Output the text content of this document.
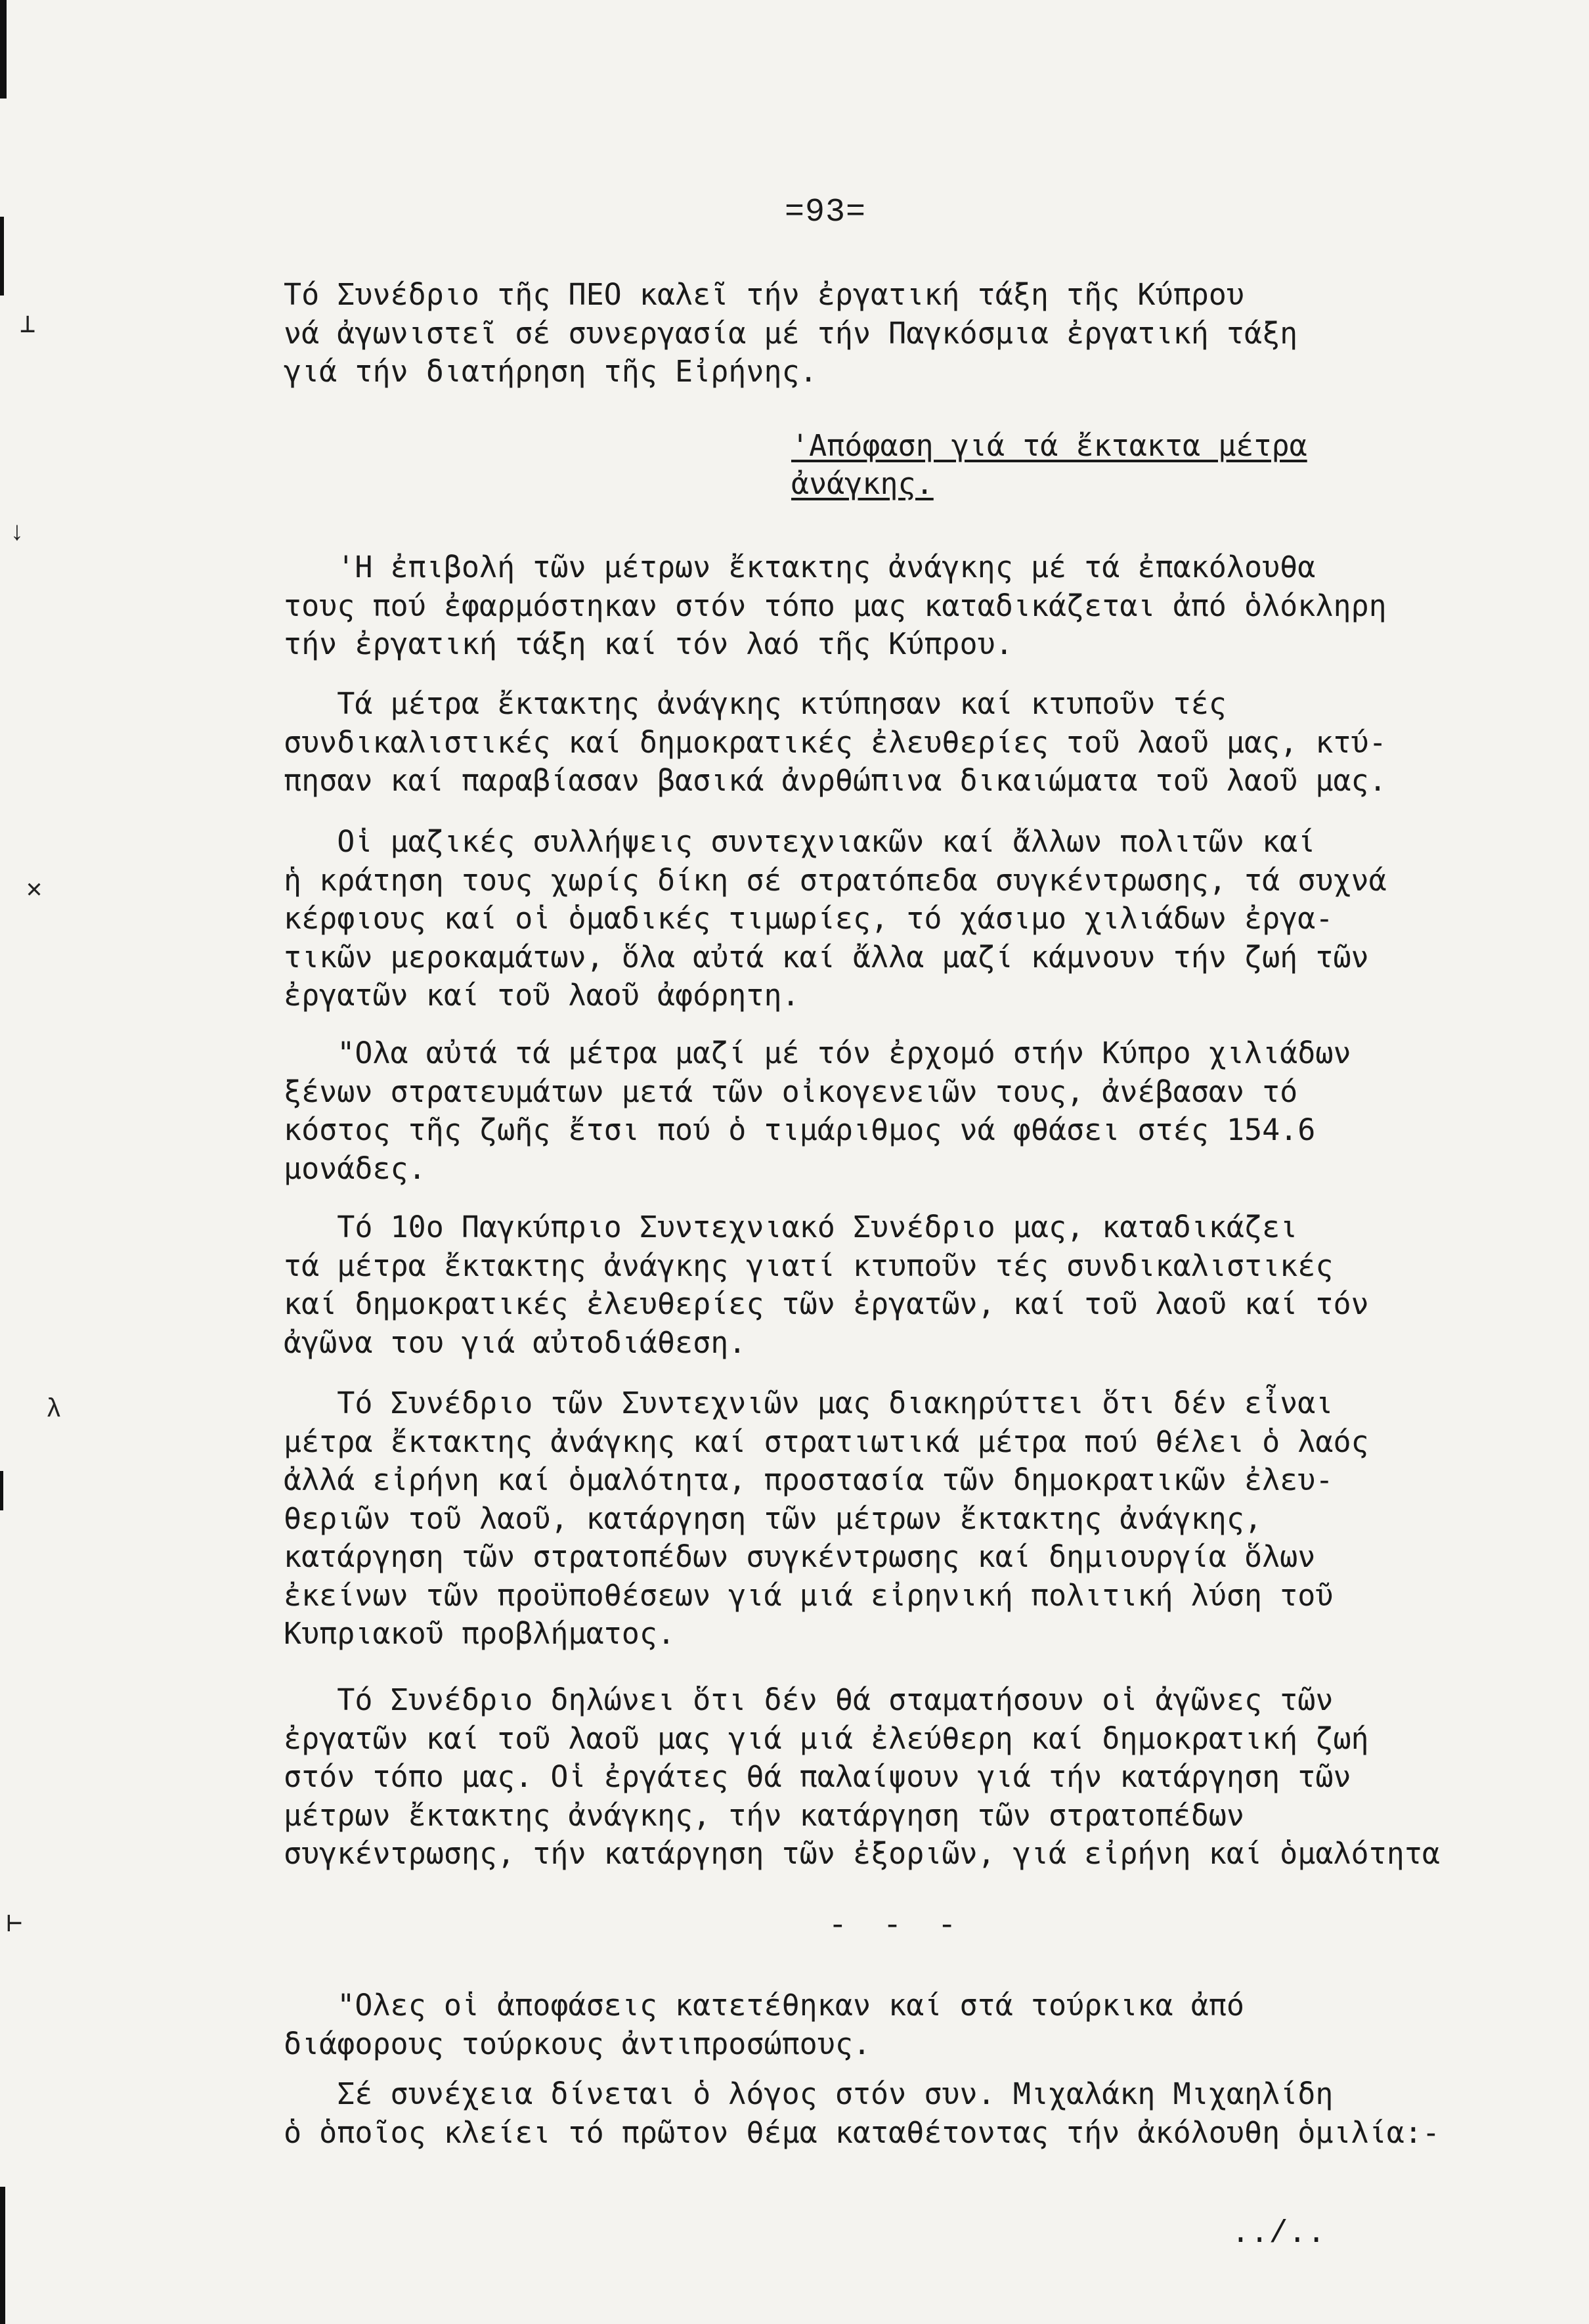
⊥
↓
✕
λ
⊢
=93=
Τό Συνέδριο τῆς ΠΕΟ καλεῖ τήν ἐργατική τάξη τῆς Κύπρου
νά ἀγωνιστεῖ σέ συνεργασία μέ τήν Παγκόσμια ἐργατική τάξη
γιά τήν διατήρηση τῆς Εἰρήνης.
'Απόφαση γιά τά ἔκτακτα μέτρα
ἀνάγκης.
'Η ἐπιβολή τῶν μέτρων ἔκτακτης ἀνάγκης μέ τά ἐπακόλουθα
τους πού ἐφαρμόστηκαν στόν τόπο μας καταδικάζεται ἀπό ὁλόκληρη
τήν ἐργατική τάξη καί τόν λαό τῆς Κύπρου.
Τά μέτρα ἔκτακτης ἀνάγκης κτύπησαν καί κτυποῦν τές
συνδικαλιστικές καί δημοκρατικές ἐλευθερίες τοῦ λαοῦ μας, κτύ-
πησαν καί παραβίασαν βασικά ἀνρθώπινα δικαιώματα τοῦ λαοῦ μας.
Οἱ μαζικές συλλήψεις συντεχνιακῶν καί ἄλλων πολιτῶν καί
ἡ κράτηση τους χωρίς δίκη σέ στρατόπεδα συγκέντρωσης, τά συχνά
κέρφιους καί οἱ ὁμαδικές τιμωρίες, τό χάσιμο χιλιάδων ἐργα-
τικῶν μεροκαμάτων, ὅλα αὐτά καί ἄλλα μαζί κάμνουν τήν ζωή τῶν
ἐργατῶν καί τοῦ λαοῦ ἀφόρητη.
"Ολα αὐτά τά μέτρα μαζί μέ τόν ἐρχομό στήν Κύπρο χιλιάδων
ξένων στρατευμάτων μετά τῶν οἰκογενειῶν τους, ἀνέβασαν τό
κόστος τῆς ζωῆς ἔτσι πού ὁ τιμάριθμος νά φθάσει στές 154.6
μονάδες.
Τό 10ο Παγκύπριο Συντεχνιακό Συνέδριο μας, καταδικάζει
τά μέτρα ἔκτακτης ἀνάγκης γιατί κτυποῦν τές συνδικαλιστικές
καί δημοκρατικές ἐλευθερίες τῶν ἐργατῶν, καί τοῦ λαοῦ καί τόν
ἀγῶνα του γιά αὐτοδιάθεση.
Τό Συνέδριο τῶν Συντεχνιῶν μας διακηρύττει ὅτι δέν εἶναι
μέτρα ἔκτακτης ἀνάγκης καί στρατιωτικά μέτρα πού θέλει ὁ λαός
ἀλλά εἰρήνη καί ὁμαλότητα, προστασία τῶν δημοκρατικῶν ἐλευ-
θεριῶν τοῦ λαοῦ, κατάργηση τῶν μέτρων ἔκτακτης ἀνάγκης,
κατάργηση τῶν στρατοπέδων συγκέντρωσης καί δημιουργία ὅλων
ἐκείνων τῶν προϋποθέσεων γιά μιά εἰρηνική πολιτική λύση τοῦ
Κυπριακοῦ προβλήματος.
Τό Συνέδριο δηλώνει ὅτι δέν θά σταματήσουν οἱ ἀγῶνες τῶν
ἐργατῶν καί τοῦ λαοῦ μας γιά μιά ἐλεύθερη καί δημοκρατική ζωή
στόν τόπο μας. Οἱ ἐργάτες θά παλαίψουν γιά τήν κατάργηση τῶν
μέτρων ἔκτακτης ἀνάγκης, τήν κατάργηση τῶν στρατοπέδων
συγκέντρωσης, τήν κατάργηση τῶν ἐξοριῶν, γιά εἰρήνη καί ὁμαλότητα
- - -
"Ολες οἱ ἀποφάσεις κατετέθηκαν καί στά τούρκικα ἀπό
διάφορους τούρκους ἀντιπροσώπους.
Σέ συνέχεια δίνεται ὁ λόγος στόν συν. Μιχαλάκη Μιχαηλίδη
ὁ ὁποῖος κλείει τό πρῶτον θέμα καταθέτοντας τήν ἀκόλουθη ὁμιλία:-
../..
